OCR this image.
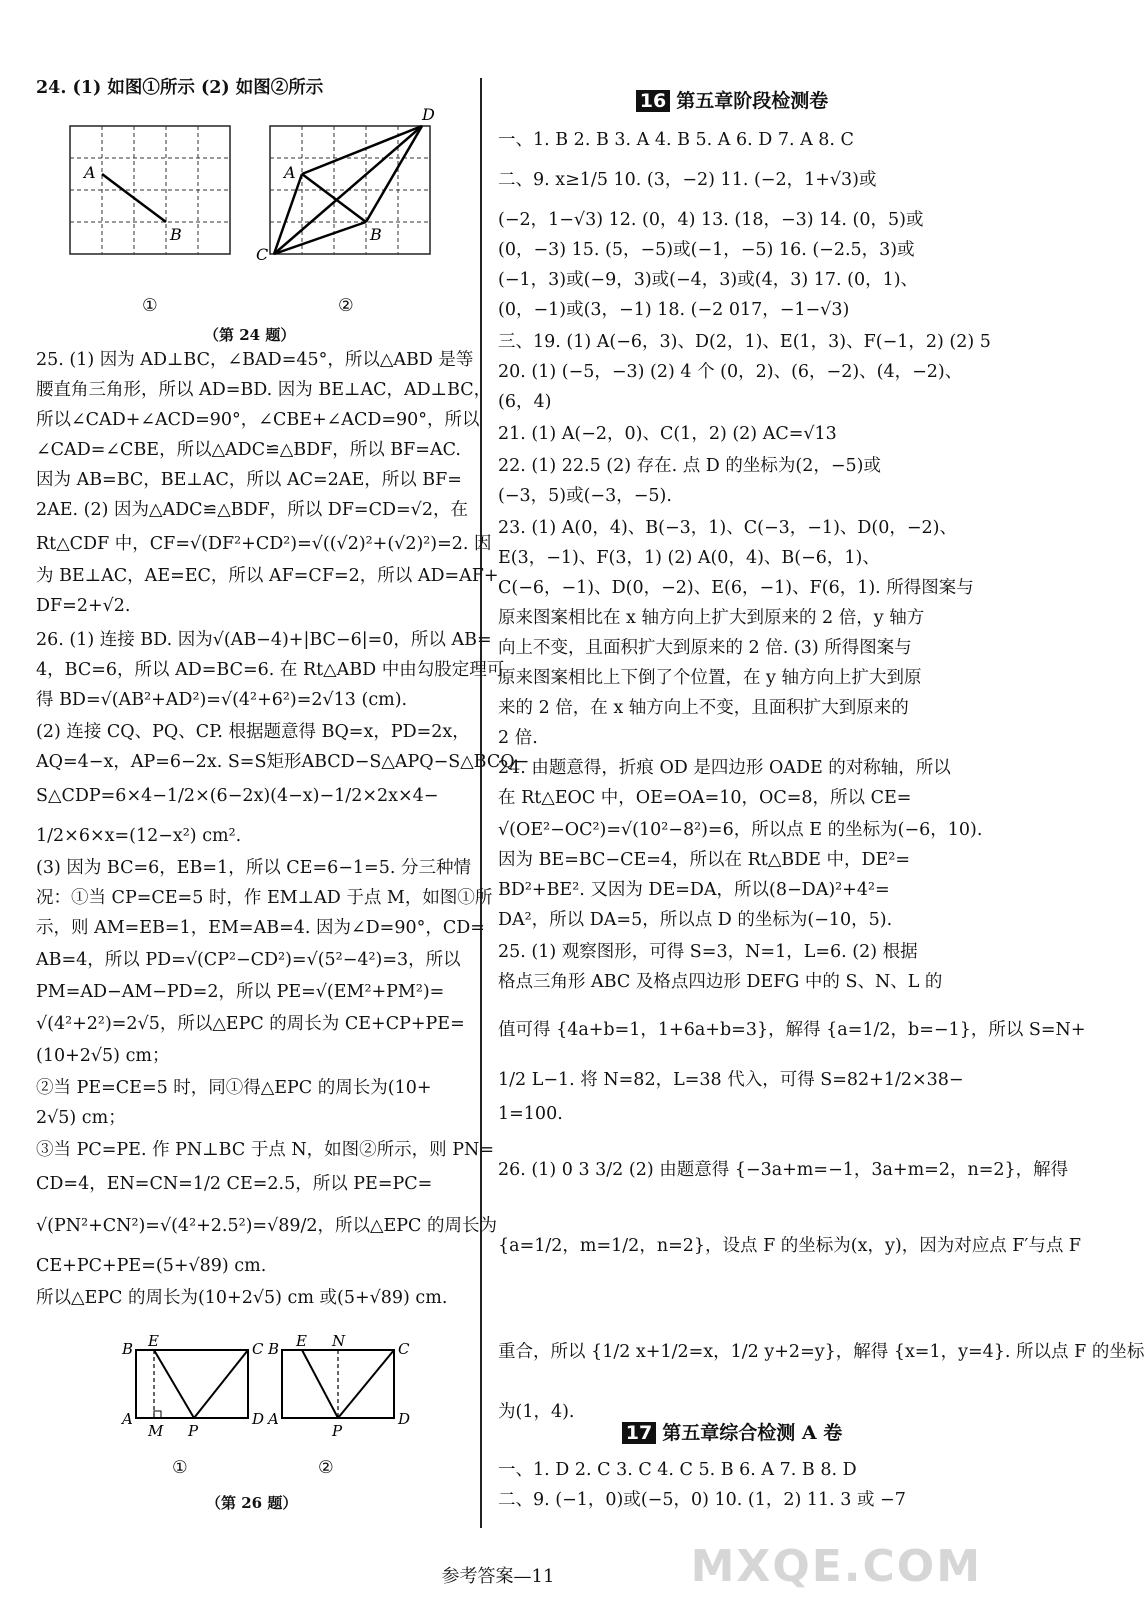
24. (1) 如图①所示 (2) 如图②所示
A
B
A
B
C
D
①	②
（第 24 题）
25. (1) 因为 AD⊥BC，∠BAD=45°，所以△ABD 是等
腰直角三角形，所以 AD=BD. 因为 BE⊥AC，AD⊥BC，
所以∠CAD+∠ACD=90°，∠CBE+∠ACD=90°，所以
∠CAD=∠CBE，所以△ADC≌△BDF，所以 BF=AC.
因为 AB=BC，BE⊥AC，所以 AC=2AE，所以 BF=
2AE. (2) 因为△ADC≌△BDF，所以 DF=CD=√2，在
Rt△CDF 中，CF=√(DF²+CD²)=√((√2)²+(√2)²)=2. 因
为 BE⊥AC，AE=EC，所以 AF=CF=2，所以 AD=AF+
DF=2+√2.
26. (1) 连接 BD. 因为√(AB−4)+|BC−6|=0，所以 AB=
4，BC=6，所以 AD=BC=6. 在 Rt△ABD 中由勾股定理可
得 BD=√(AB²+AD²)=√(4²+6²)=2√13 (cm).
(2) 连接 CQ、PQ、CP. 根据题意得 BQ=x，PD=2x，
AQ=4−x，AP=6−2x. S=S矩形ABCD−S△APQ−S△BCQ−
S△CDP=6×4−1/2×(6−2x)(4−x)−1/2×2x×4−
1/2×6×x=(12−x²) cm².
(3) 因为 BC=6，EB=1，所以 CE=6−1=5. 分三种情
况：①当 CP=CE=5 时，作 EM⊥AD 于点 M，如图①所
示，则 AM=EB=1，EM=AB=4. 因为∠D=90°，CD=
AB=4，所以 PD=√(CP²−CD²)=√(5²−4²)=3，所以
PM=AD−AM−PD=2，所以 PE=√(EM²+PM²)=
√(4²+2²)=2√5，所以△EPC 的周长为 CE+CP+PE=
(10+2√5) cm；
②当 PE=CE=5 时，同①得△EPC 的周长为(10+
2√5) cm；
③当 PC=PE. 作 PN⊥BC 于点 N，如图②所示，则 PN=
CD=4，EN=CN=1/2 CE=2.5，所以 PE=PC=
√(PN²+CN²)=√(4²+2.5²)=√89/2，所以△EPC 的周长为
CE+PC+PE=(5+√89) cm.
所以△EPC 的周长为(10+2√5) cm 或(5+√89) cm.
B E	C
A
M P
D
B E N	C
A
P
D
①	②
（第 26 题）
16 第五章阶段检测卷
一、1. B 2. B 3. A 4. B 5. A 6. D 7. A 8. C
二、9. x≥1/5 10. (3，−2) 11. (−2，1+√3)或
(−2，1−√3) 12. (0，4) 13. (18，−3) 14. (0，5)或
(0，−3) 15. (5，−5)或(−1，−5) 16. (−2.5，3)或
(−1，3)或(−9，3)或(−4，3)或(4，3) 17. (0，1)、
(0，−1)或(3，−1) 18. (−2 017，−1−√3)
三、19. (1) A(−6，3)、D(2，1)、E(1，3)、F(−1，2) (2) 5
20. (1) (−5，−3) (2) 4 个 (0，2)、(6，−2)、(4，−2)、
(6，4)
21. (1) A(−2，0)、C(1，2) (2) AC=√13
22. (1) 22.5 (2) 存在. 点 D 的坐标为(2，−5)或
(−3，5)或(−3，−5).
23. (1) A(0，4)、B(−3，1)、C(−3，−1)、D(0，−2)、
E(3，−1)、F(3，1) (2) A(0，4)、B(−6，1)、
C(−6，−1)、D(0，−2)、E(6，−1)、F(6，1). 所得图案与
原来图案相比在 x 轴方向上扩大到原来的 2 倍，y 轴方
向上不变，且面积扩大到原来的 2 倍. (3) 所得图案与
原来图案相比上下倒了个位置，在 y 轴方向上扩大到原
来的 2 倍，在 x 轴方向上不变，且面积扩大到原来的
2 倍.
24. 由题意得，折痕 OD 是四边形 OADE 的对称轴，所以
在 Rt△EOC 中，OE=OA=10，OC=8，所以 CE=
√(OE²−OC²)=√(10²−8²)=6，所以点 E 的坐标为(−6，10).
因为 BE=BC−CE=4，所以在 Rt△BDE 中，DE²=
BD²+BE². 又因为 DE=DA，所以(8−DA)²+4²=
DA²，所以 DA=5，所以点 D 的坐标为(−10，5).
25. (1) 观察图形，可得 S=3，N=1，L=6. (2) 根据
格点三角形 ABC 及格点四边形 DEFG 中的 S、N、L 的
值可得 {4a+b=1，1+6a+b=3}，解得 {a=1/2，b=−1}，所以 S=N+
1/2 L−1. 将 N=82，L=38 代入，可得 S=82+1/2×38−
1=100.
26. (1) 0 3 3/2 (2) 由题意得 {−3a+m=−1，3a+m=2，n=2}，解得
{a=1/2，m=1/2，n=2}，设点 F 的坐标为(x，y)，因为对应点 F′与点 F
重合，所以 {1/2 x+1/2=x，1/2 y+2=y}，解得 {x=1，y=4}. 所以点 F 的坐标
为(1，4).
17 第五章综合检测 A 卷
一、1. D 2. C 3. C 4. C 5. B 6. A 7. B 8. D
二、9. (−1，0)或(−5，0) 10. (1，2) 11. 3 或 −7
参考答案—11	MXQE.COM
